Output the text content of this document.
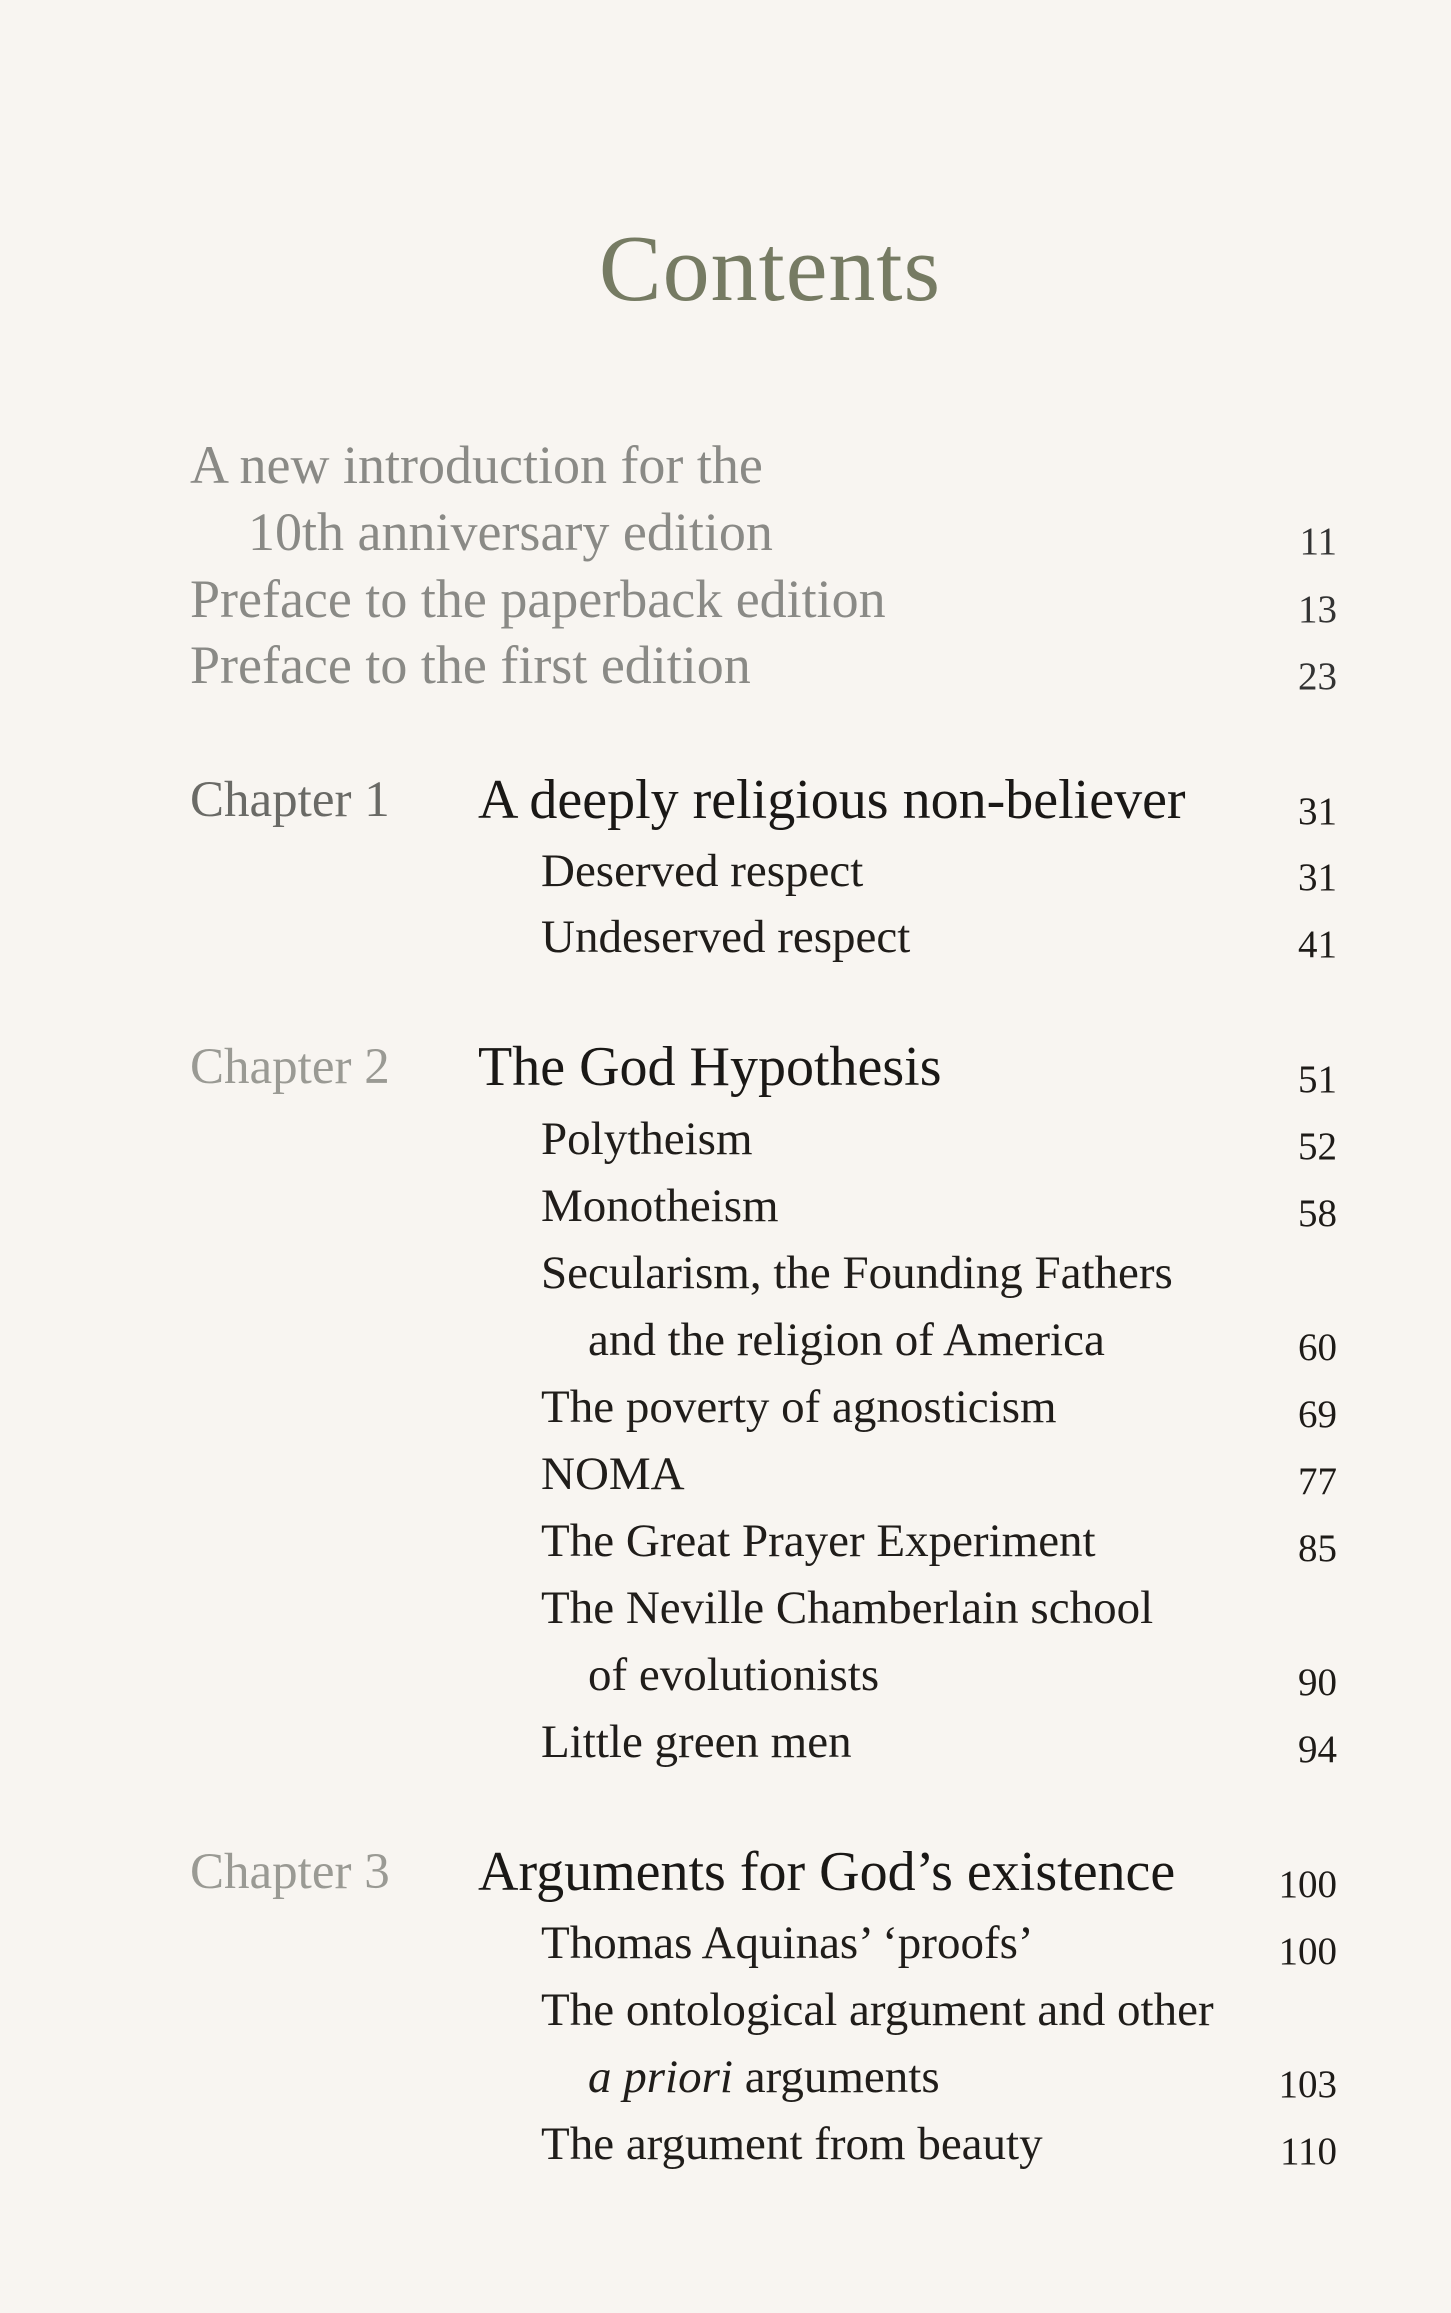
Contents
A new introduction for the
10th anniversary edition	11
Preface to the paperback edition	13
Preface to the first edition	23
Chapter 1 A deeply religious non-believer	31
Deserved respect	31
Undeserved respect	41
Chapter 2 The God Hypothesis	51
Polytheism	52
Monotheism	58
Secularism, the Founding Fathers
and the religion of America	60
The poverty of agnosticism	69
NOMA	77
The Great Prayer Experiment	85
The Neville Chamberlain school
of evolutionists	90
Little green men	94
Chapter 3 Arguments for God’s existence	100
Thomas Aquinas’ ‘proofs’	100
The ontological argument and other
a priori arguments	103
The argument from beauty	110
